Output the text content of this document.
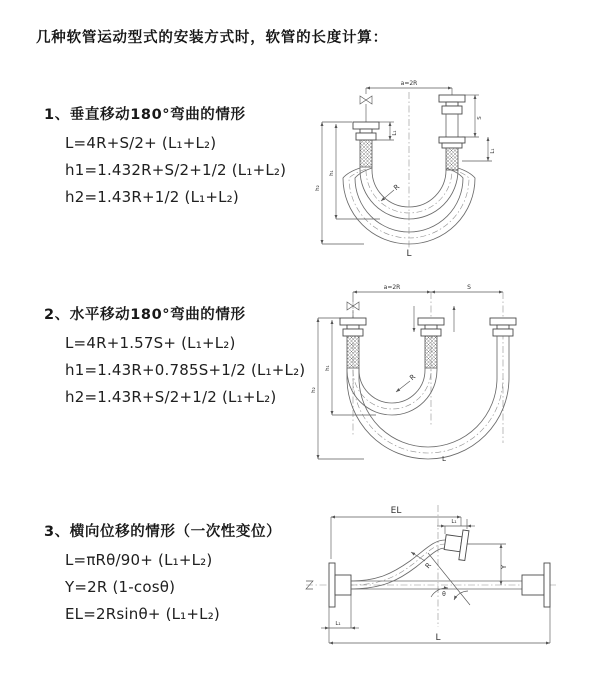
几种软管运动型式的安装方式时，软管的长度计算：
1、垂直移动180°弯曲的情形
L=4R+S/2+ (L₁+L₂)
h1=1.432R+S/2+1/2 (L₁+L₂)
h2=1.43R+1/2 (L₁+L₂)
2、水平移动180°弯曲的情形
L=4R+1.57S+ (L₁+L₂)
h1=1.43R+0.785S+1/2 (L₁+L₂)
h2=1.43R+S/2+1/2 (L₁+L₂)
3、横向位移的情形（一次性变位）
L=πRθ/90+ (L₁+L₂)
Y=2R (1-cosθ)
EL=2Rsinθ+ (L₁+L₂)
a=2R
L₁
S
L₁
h₁
h₂	R
L
a=2R	S
h₁
h₂
R
L
EL
L₁
Y
R
θ
L
L₁
